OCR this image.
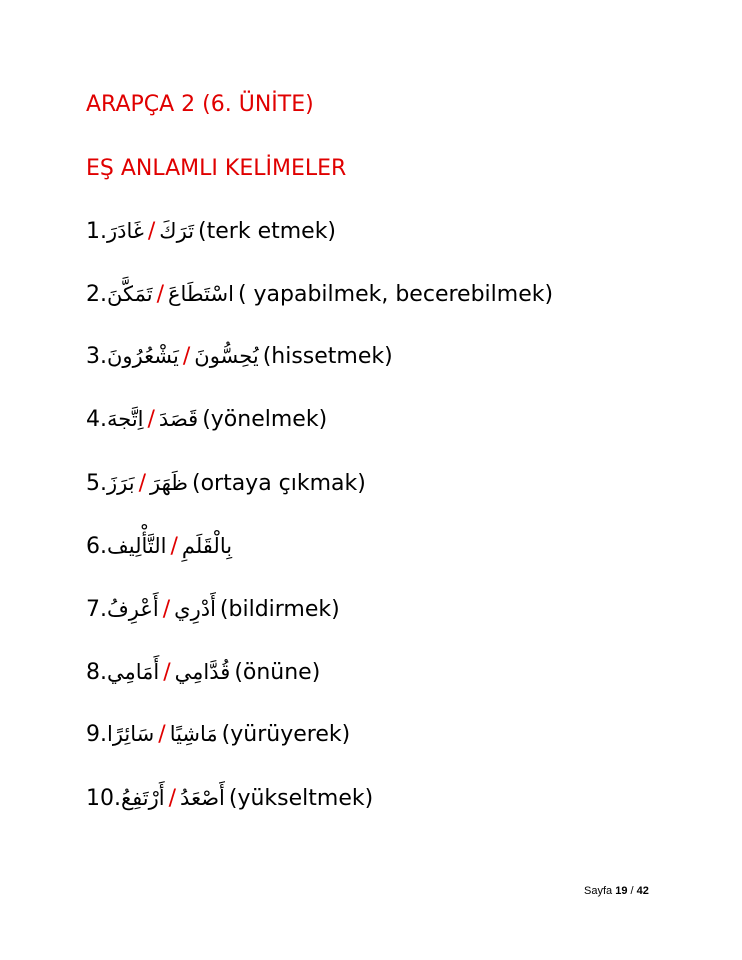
ARAPÇA 2 (6. ÜNİTE)
EŞ ANLAMLI KELİMELER
1.غَادَرَ / تَرَكَ (terk etmek)
2.تَمَكَّنَ / اسْتَطَاعَ ( yapabilmek, becerebilmek)
3.يَشْعُرُونَ / يُحِسُّونَ (hissetmek)
4.اِتَّجهَ / قَصَدَ (yönelmek)
5.بَرَزَ / ظَهَرَ (ortaya çıkmak)
6.التَّأْلِيف / بِالْقَلَمِ
7.أَعْرِفُ / أَدْرِي (bildirmek)
8.أَمَامِي / قُدَّامِي (önüne)
9.سَائِرًا / مَاشِيًا (yürüyerek)
10.أَرْتَفِعُ / أَصْعَدُ (yükseltmek)
Sayfa 19 / 42
